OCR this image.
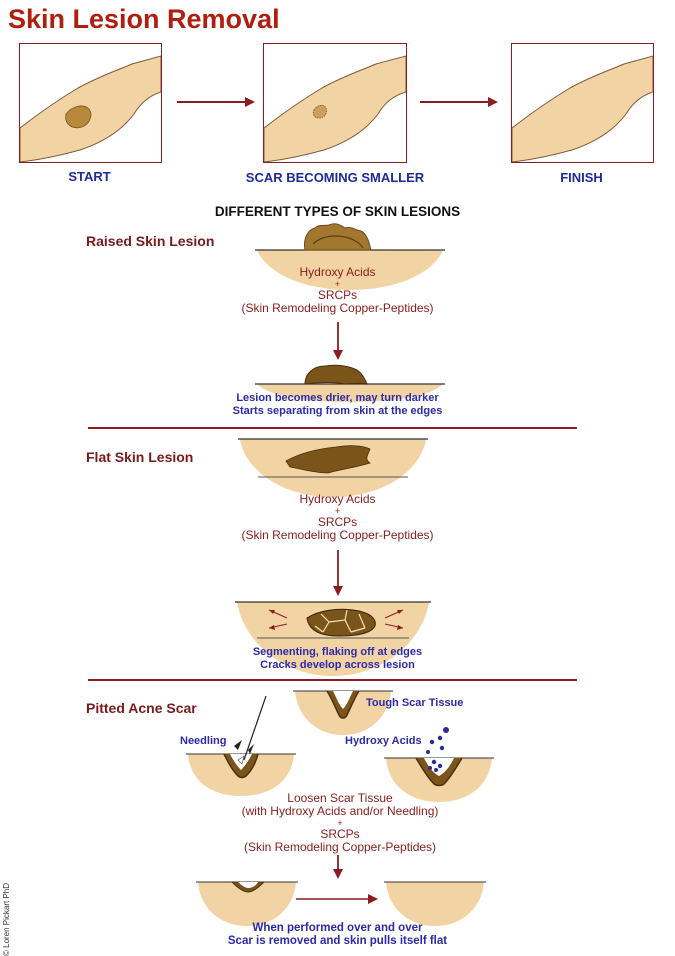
Skin Lesion Removal
START	SCAR BECOMING SMALLER	FINISH
DIFFERENT TYPES OF SKIN LESIONS
Raised Skin Lesion
Hydroxy Acids
+
SRCPs
(Skin Remodeling Copper-Peptides)
Lesion becomes drier, may turn darker
Starts separating from skin at the edges
Flat Skin Lesion
Hydroxy Acids
+
SRCPs
(Skin Remodeling Copper-Peptides)
Segmenting, flaking off at edges
Cracks develop across lesion
Pitted Acne Scar	Tough Scar Tissue
Needling	Hydroxy Acids
Loosen Scar Tissue
(with Hydroxy Acids and/or Needling)
+
SRCPs
(Skin Remodeling Copper-Peptides)
When performed over and over
Scar is removed and skin pulls itself flat
© Loren Pickart PhD
